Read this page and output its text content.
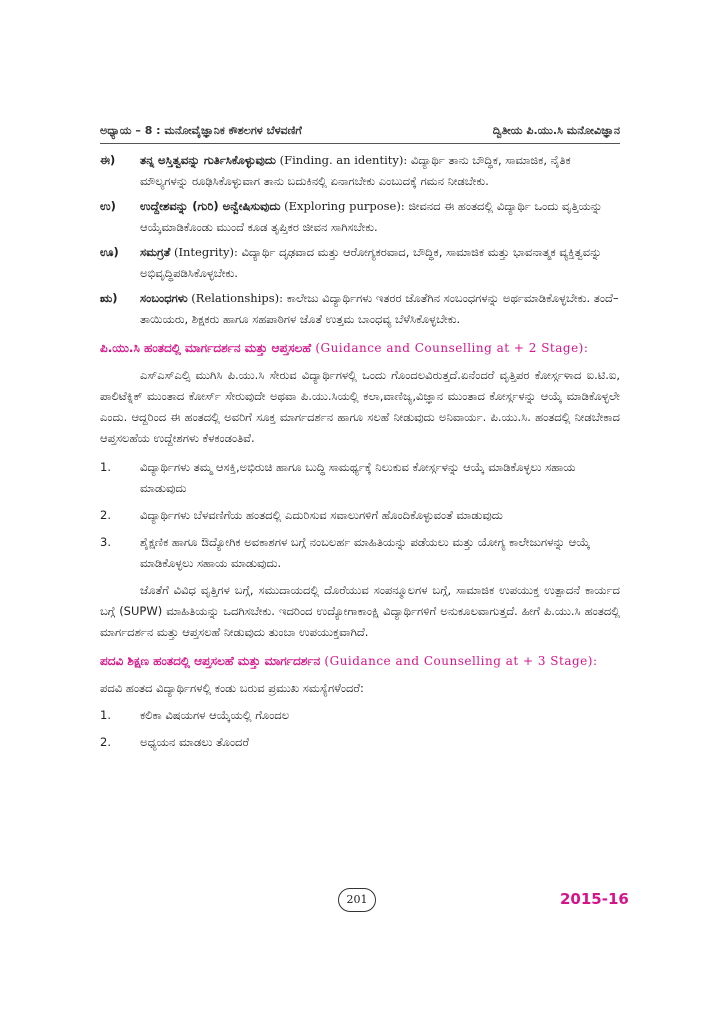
ಅಧ್ಯಾಯ – 8 : ಮನೋವೈಜ್ಞಾನಿಕ ಕೌಶಲಗಳ ಬೆಳವಣಿಗೆ	ದ್ವಿತೀಯ ಪಿ.ಯು.ಸಿ ಮನೋವಿಜ್ಞಾನ
ಈ) ತನ್ನ ಅಸ್ತಿತ್ವವನ್ನು ಗುರ್ತಿಸಿಕೊಳ್ಳುವುದು (Finding. an identity): ವಿದ್ಯಾರ್ಥಿ ತಾನು ಬೌದ್ಧಿಕ, ಸಾಮಾಜಿಕ, ನೈತಿಕ ಮೌಲ್ಯಗಳನ್ನು ರೂಢಿಸಿಕೊಳ್ಳುವಾಗ ತಾನು ಬದುಕಿನಲ್ಲಿ ಏನಾಗಬೇಕು ಎಂಬುದಕ್ಕೆ ಗಮನ ನೀಡಬೇಕು.
ಉ) ಉದ್ದೇಶವನ್ನು (ಗುರಿ) ಅನ್ವೇಷಿಸುವುದು (Exploring purpose): ಜೀವನದ ಈ ಹಂತದಲ್ಲಿ ವಿದ್ಯಾರ್ಥಿ ಒಂದು ವೃತ್ತಿಯನ್ನು ಆಯ್ಕೆಮಾಡಿಕೊಂಡು ಮುಂದೆ ಕೂಡ ತೃಪ್ತಿಕರ ಜೀವನ ಸಾಗಿಸಬೇಕು.
ಊ) ಸಮಗ್ರತೆ (Integrity): ವಿದ್ಯಾರ್ಥಿ ದೃಢವಾದ ಮತ್ತು ಆರೋಗ್ಯಕರವಾದ, ಬೌದ್ಧಿಕ, ಸಾಮಾಜಿಕ ಮತ್ತು ಭಾವನಾತ್ಮಕ ವ್ಯಕ್ತಿತ್ವವನ್ನು ಅಭಿವೃದ್ಧಿಪಡಿಸಿಕೊಳ್ಳಬೇಕು.
ಋ) ಸಂಬಂಧಗಳು (Relationships): ಕಾಲೇಜು ವಿದ್ಯಾರ್ಥಿಗಳು ಇತರರ ಜೊತೆಗಿನ ಸಂಬಂಧಗಳನ್ನು ಅರ್ಥಮಾಡಿಕೊಳ್ಳಬೇಕು. ತಂದೆ–ತಾಯಿಯರು, ಶಿಕ್ಷಕರು ಹಾಗೂ ಸಹಪಾಠಿಗಳ ಜೊತೆ ಉತ್ತಮ ಬಾಂಧವ್ಯ ಬೆಳೆಸಿಕೊಳ್ಳಬೇಕು.
ಪಿ.ಯು.ಸಿ ಹಂತದಲ್ಲಿ ಮಾರ್ಗದರ್ಶನ ಮತ್ತು ಆಪ್ತಸಲಹೆ (Guidance and Counselling at + 2 Stage):

ಎಸ್ಎಸ್ಎಲ್ಸಿ ಮುಗಿಸಿ ಪಿ.ಯು.ಸಿ ಸೇರುವ ವಿದ್ಯಾರ್ಥಿಗಳಲ್ಲಿ ಒಂದು ಗೊಂದಲವಿರುತ್ತದೆ.ಏನೆಂದರೆ ವೃತ್ತಿಪರ ಕೋರ್ಸ್ಗಳಾದ ಐ.ಟಿ.ಐ, ಪಾಲಿಟೆಕ್ನಿಕ್ ಮುಂತಾದ ಕೋರ್ಸ್ ಸೇರುವುದೇ ಅಥವಾ ಪಿ.ಯು.ಸಿಯಲ್ಲಿ ಕಲಾ,ವಾಣಿಜ್ಯ,ವಿಜ್ಞಾನ ಮುಂತಾದ ಕೋರ್ಸ್ಗಳನ್ನು ಆಯ್ಕೆ ಮಾಡಿಕೊಳ್ಳಲೇ ಎಂದು. ಆದ್ದರಿಂದ ಈ ಹಂತದಲ್ಲಿ ಅವರಿಗೆ ಸೂಕ್ತ ಮಾರ್ಗದರ್ಶನ ಹಾಗೂ ಸಲಹೆ ನೀಡುವುದು ಅನಿವಾರ್ಯ. ಪಿ.ಯು.ಸಿ. ಹಂತದಲ್ಲಿ ನೀಡಬೇಕಾದ ಆಪ್ತಸಲಹೆಯ ಉದ್ದೇಶಗಳು ಕೆಳಕಂಡಂತಿವೆ.

1.	ವಿದ್ಯಾರ್ಥಿಗಳು ತಮ್ಮ ಆಸಕ್ತಿ,ಅಭಿರುಚಿ ಹಾಗೂ ಬುದ್ಧಿ ಸಾಮರ್ಥ್ಯಕ್ಕೆ ನಿಲುಕುವ ಕೋರ್ಸ್ಗಳನ್ನು ಆಯ್ಕೆ ಮಾಡಿಕೊಳ್ಳಲು ಸಹಾಯ ಮಾಡುವುದು
2.	ವಿದ್ಯಾರ್ಥಿಗಳು ಬೆಳವಣಿಗೆಯ ಹಂತದಲ್ಲಿ ಎದುರಿಸುವ ಸವಾಲುಗಳಿಗೆ ಹೊಂದಿಕೊಳ್ಳುವಂತೆ ಮಾಡುವುದು
3.	ಶೈಕ್ಷಣಿಕ ಹಾಗೂ ಔದ್ಯೋಗಿಕ ಅವಕಾಶಗಳ ಬಗ್ಗೆ ನಂಬಲರ್ಹ ಮಾಹಿತಿಯನ್ನು ಪಡೆಯಲು ಮತ್ತು ಯೋಗ್ಯ ಕಾಲೇಜುಗಳನ್ನು ಆಯ್ಕೆ ಮಾಡಿಕೊಳ್ಳಲು ಸಹಾಯ ಮಾಡುವುದು.

ಜೊತೆಗೆ ವಿವಿಧ ವೃತ್ತಿಗಳ ಬಗ್ಗೆ, ಸಮುದಾಯದಲ್ಲಿ ದೊರೆಯುವ ಸಂಪನ್ಮೂಲಗಳ ಬಗ್ಗೆ, ಸಾಮಾಜಿಕ ಉಪಯುಕ್ತ ಉತ್ಪಾದನೆ ಕಾರ್ಯದ ಬಗ್ಗೆ (SUPW) ಮಾಹಿತಿಯನ್ನು ಒದಗಿಸಬೇಕು. ಇದರಿಂದ ಉದ್ಯೋಗಾಕಾಂಕ್ಷಿ ವಿದ್ಯಾರ್ಥಿಗಳಿಗೆ ಅನುಕೂಲವಾಗುತ್ತದೆ. ಹೀಗೆ ಪಿ.ಯು.ಸಿ ಹಂತದಲ್ಲಿ ಮಾರ್ಗದರ್ಶನ ಮತ್ತು ಆಪ್ತಸಲಹೆ ನೀಡುವುದು ತುಂಬಾ ಉಪಯುಕ್ತವಾಗಿದೆ.

ಪದವಿ ಶಿಕ್ಷಣ ಹಂತದಲ್ಲಿ ಆಪ್ತಸಲಹೆ ಮತ್ತು ಮಾರ್ಗದರ್ಶನ (Guidance and Counselling at + 3 Stage):

ಪದವಿ ಹಂತದ ವಿದ್ಯಾರ್ಥಿಗಳಲ್ಲಿ ಕಂಡು ಬರುವ ಪ್ರಮುಖ ಸಮಸ್ಯೆಗಳೆಂದರೆ:

1.	ಕಲಿಕಾ ವಿಷಯಗಳ ಆಯ್ಕೆಯಲ್ಲಿ ಗೊಂದಲ
2.	ಅಧ್ಯಯನ ಮಾಡಲು ತೊಂದರೆ
201	2015-16
